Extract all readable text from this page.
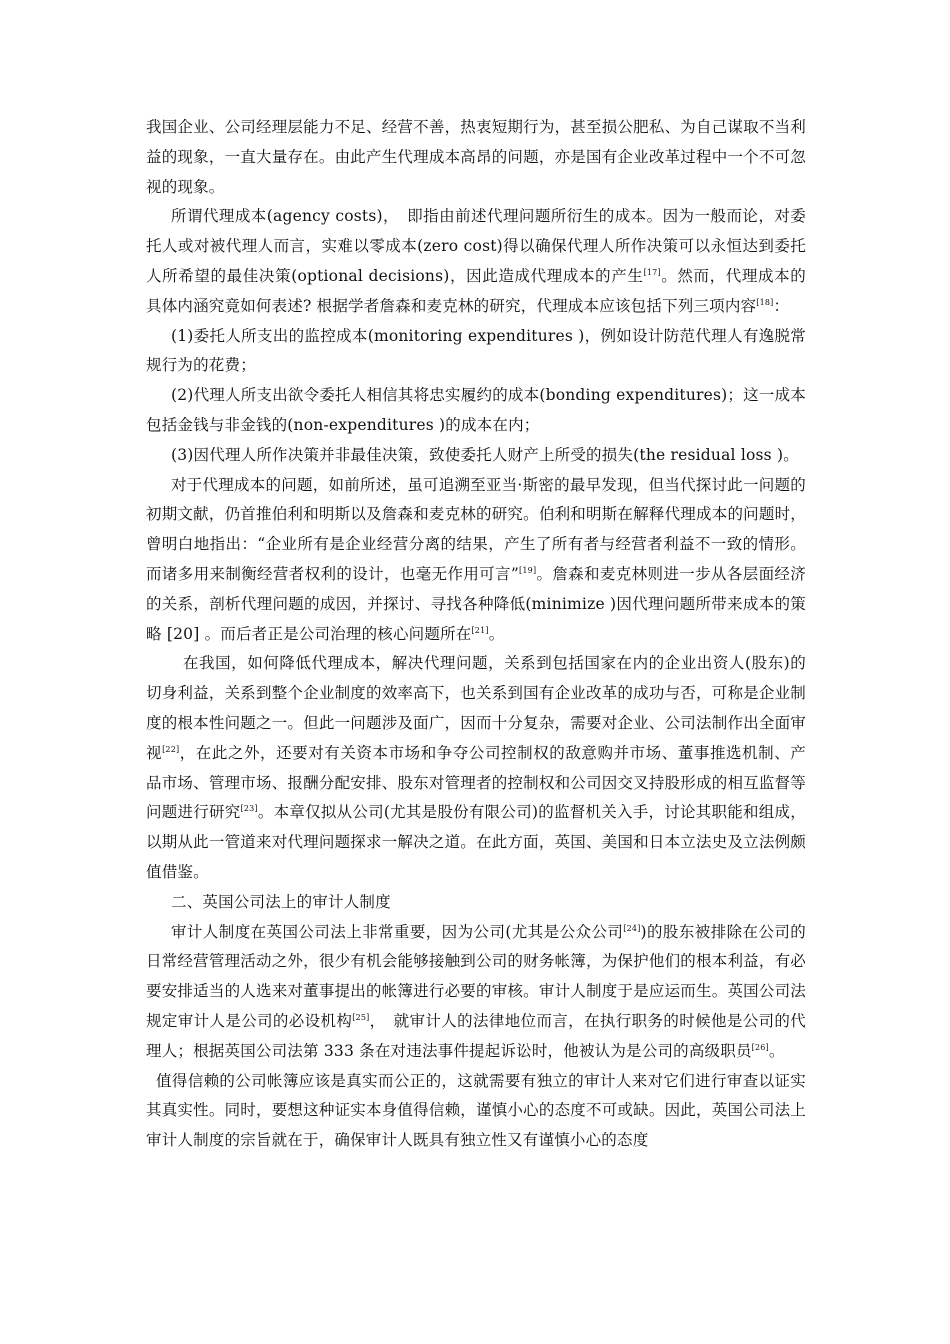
我国企业、公司经理层能力不足、经营不善，热衷短期行为，甚至损公肥私、为自己谋取不当利益的现象，一直大量存在。由此产生代理成本高昂的问题，亦是国有企业改革过程中一个不可忽视的现象。

所谓代理成本(agency costs)，　即指由前述代理问题所衍生的成本。因为一般而论，对委托人或对被代理人而言，实难以零成本(zero cost)得以确保代理人所作决策可以永恒达到委托人所希望的最佳决策(optional decisions)，因此造成代理成本的产生[17]。然而，代理成本的具体内涵究竟如何表述? 根据学者詹森和麦克林的研究，代理成本应该包括下列三项内容[18]：

(1)委托人所支出的监控成本(monitoring expenditures )，例如设计防范代理人有逸脱常规行为的花费；

(2)代理人所支出欲令委托人相信其将忠实履约的成本(bonding expenditures)；这一成本包括金钱与非金钱的(non-expenditures )的成本在内；

(3)因代理人所作决策并非最佳决策，致使委托人财产上所受的损失(the residual loss )。

对于代理成本的问题，如前所述，虽可追溯至亚当·斯密的最早发现，但当代探讨此一问题的初期文献，仍首推伯利和明斯以及詹森和麦克林的研究。伯利和明斯在解释代理成本的问题时，曾明白地指出：“企业所有是企业经营分离的结果，产生了所有者与经营者利益不一致的情形。而诸多用来制衡经营者权利的设计，也毫无作用可言”[19]。詹森和麦克林则进一步从各层面经济的关系，剖析代理问题的成因，并探讨、寻找各种降低(minimize )因代理问题所带来成本的策略 [20] 。而后者正是公司治理的核心问题所在[21]。

在我国，如何降低代理成本，解决代理问题，关系到包括国家在内的企业出资人(股东)的切身利益，关系到整个企业制度的效率高下，也关系到国有企业改革的成功与否，可称是企业制度的根本性问题之一。但此一问题涉及面广，因而十分复杂，需要对企业、公司法制作出全面审视[22]，在此之外，还要对有关资本市场和争夺公司控制权的敌意购并市场、董事推选机制、产品市场、管理市场、报酬分配安排、股东对管理者的控制权和公司因交叉持股形成的相互监督等问题进行研究[23]。本章仅拟从公司(尤其是股份有限公司)的监督机关入手，讨论其职能和组成，以期从此一管道来对代理问题探求一解决之道。在此方面，英国、美国和日本立法史及立法例颇值借鉴。

二、英国公司法上的审计人制度

审计人制度在英国公司法上非常重要，因为公司(尤其是公众公司[24])的股东被排除在公司的日常经营管理活动之外，很少有机会能够接触到公司的财务帐簿，为保护他们的根本利益，有必要安排适当的人选来对董事提出的帐簿进行必要的审核。审计人制度于是应运而生。英国公司法规定审计人是公司的必设机构[25]，　就审计人的法律地位而言，在执行职务的时候他是公司的代理人；根据英国公司法第 333 条在对违法事件提起诉讼时，他被认为是公司的高级职员[26]。

值得信赖的公司帐簿应该是真实而公正的，这就需要有独立的审计人来对它们进行审查以证实其真实性。同时，要想这种证实本身值得信赖，谨慎小心的态度不可或缺。因此，英国公司法上审计人制度的宗旨就在于，确保审计人既具有独立性又有谨慎小心的态度
